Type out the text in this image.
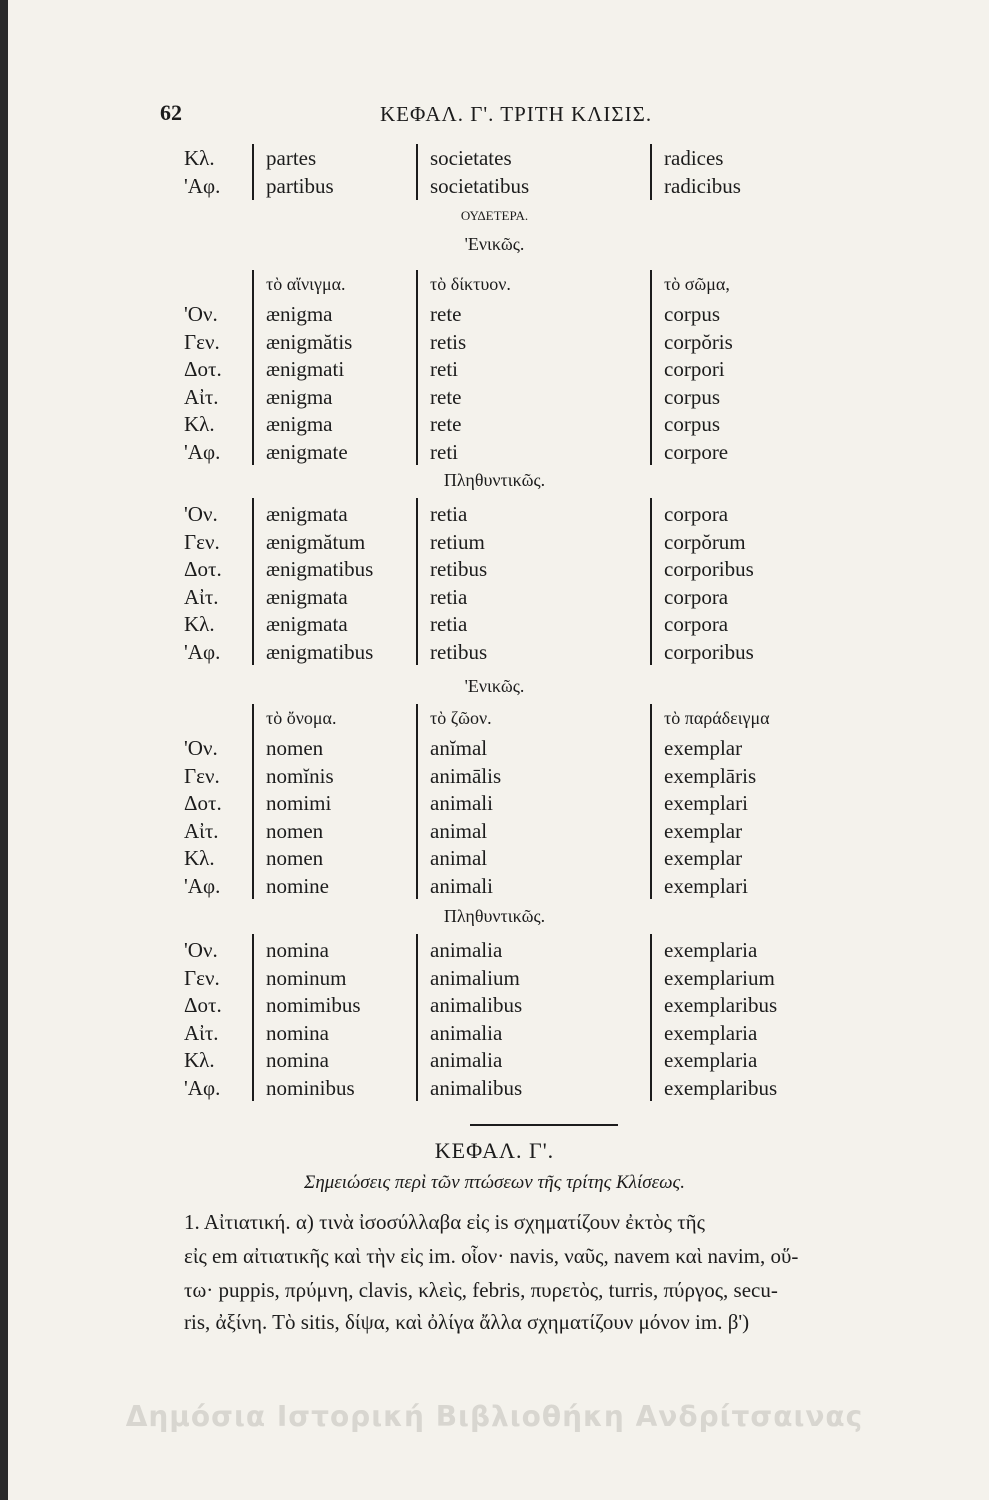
62	ΚΕΦΑΛ. Γ'. ΤΡΙΤΗ ΚΛΙΣΙΣ.
Κλ. partes	societates	radices
'Αφ. partibus	societatibus	radicibus
ΟΥΔΕΤΕΡΑ.
'Ενικῶς.
τὸ αἴνιγμα.	τὸ δίκτυον.	τὸ σῶμα,
'Ον. ænigma	rete	corpus
Γεν. ænigmătis	retis	corpŏris
Δοτ. ænigmati	reti	corpori
Αἰτ. ænigma	rete	corpus
Κλ. ænigma	rete	corpus
'Αφ. ænigmate	reti	corpore
Πληθυντικῶς.
'Ον. ænigmata	retia	corpora
Γεν. ænigmătum	retium	corpŏrum
Δοτ. ænigmatibus	retibus	corporibus
Αἰτ. ænigmata	retia	corpora
Κλ. ænigmata	retia	corpora
'Αφ. ænigmatibus	retibus	corporibus
'Ενικῶς.
τὸ ὄνομα.	τὸ ζῶον.	τὸ παράδειγμα
'Ον. nomen	anĭmal	exemplar
Γεν. nomĭnis	animālis	exemplāris
Δοτ. nomimi	animali	exemplari
Αἰτ. nomen	animal	exemplar
Κλ. nomen	animal	exemplar
'Αφ. nomine	animali	exemplari
Πληθυντικῶς.
'Ον. nomina	animalia	exemplaria
Γεν. nominum	animalium	exemplarium
Δοτ. nomimibus	animalibus	exemplaribus
Αἰτ. nomina	animalia	exemplaria
Κλ. nomina	animalia	exemplaria
'Αφ. nominibus	animalibus	exemplaribus
ΚΕΦΑΛ. Γ'.
Σημειώσεις περὶ τῶν πτώσεων τῆς τρίτης Κλίσεως.
1. Αἰτιατική. α) τινὰ ἰσοσύλλαβα εἰς is σχηματίζουν ἐκτὸς τῆς
εἰς em αἰτιατικῆς καὶ τὴν εἰς im. οἷον· navis, ναῦς, navem καὶ navim, οὕ-
τω· puppis, πρύμνη, clavis, κλεὶς, febris, πυρετὸς, turris, πύργος, secu-
ris, ἀξίνη. Τὸ sitis, δίψα, καὶ ὀλίγα ἄλλα σχηματίζουν μόνον im. β')
Δημόσια Ιστορική Βιβλιοθήκη Ανδρίτσαινας
